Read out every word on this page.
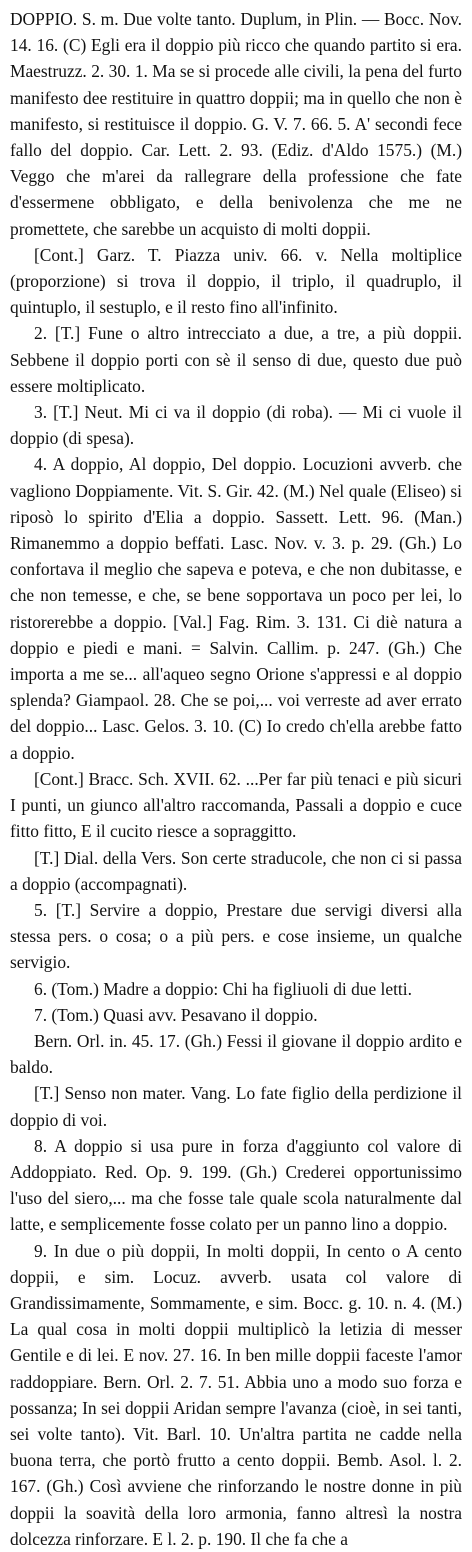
DOPPIO. S. m. Due volte tanto. Duplum, in Plin. — Bocc. Nov. 14. 16. (C) Egli era il doppio più ricco che quando partito si era. Maestruzz. 2. 30. 1. Ma se si procede alle civili, la pena del furto manifesto dee restituire in quattro doppii; ma in quello che non è manifesto, si restituisce il doppio. G. V. 7. 66. 5. A' secondi fece fallo del doppio. Car. Lett. 2. 93. (Ediz. d'Aldo 1575.) (M.) Veggo che m'arei da rallegrare della professione che fate d'essermene obbligato, e della benivolenza che me ne promettete, che sarebbe un acquisto di molti doppii.

[Cont.] Garz. T. Piazza univ. 66. v. Nella moltiplice (proporzione) si trova il doppio, il triplo, il quadruplo, il quintuplo, il sestuplo, e il resto fino all'infinito.

2. [T.] Fune o altro intrecciato a due, a tre, a più doppii. Sebbene il doppio porti con sè il senso di due, questo due può essere moltiplicato.

3. [T.] Neut. Mi ci va il doppio (di roba). — Mi ci vuole il doppio (di spesa).

4. A doppio, Al doppio, Del doppio. Locuzioni avverb. che vagliono Doppiamente. Vit. S. Gir. 42. (M.) Nel quale (Eliseo) si riposò lo spirito d'Elia a doppio. Sassett. Lett. 96. (Man.) Rimanemmo a doppio beffati. Lasc. Nov. v. 3. p. 29. (Gh.) Lo confortava il meglio che sapeva e poteva, e che non dubitasse, e che non temesse, e che, se bene sopportava un poco per lei, lo ristorerebbe a doppio. [Val.] Fag. Rim. 3. 131. Ci diè natura a doppio e piedi e mani. = Salvin. Callim. p. 247. (Gh.) Che importa a me se... all'aqueo segno Orione s'appressi e al doppio splenda? Giampaol. 28. Che se poi,... voi verreste ad aver errato del doppio... Lasc. Gelos. 3. 10. (C) Io credo ch'ella arebbe fatto a doppio.

[Cont.] Bracc. Sch. XVII. 62. ...Per far più tenaci e più sicuri I punti, un giunco all'altro raccomanda, Passali a doppio e cuce fitto fitto, E il cucito riesce a sopraggitto.

[T.] Dial. della Vers. Son certe straducole, che non ci si passa a doppio (accompagnati).

5. [T.] Servire a doppio, Prestare due servigi diversi alla stessa pers. o cosa; o a più pers. e cose insieme, un qualche servigio.

6. (Tom.) Madre a doppio: Chi ha figliuoli di due letti.

7. (Tom.) Quasi avv. Pesavano il doppio.

Bern. Orl. in. 45. 17. (Gh.) Fessi il giovane il doppio ardito e baldo.

[T.] Senso non mater. Vang. Lo fate figlio della perdizione il doppio di voi.

8. A doppio si usa pure in forza d'aggiunto col valore di Addoppiato. Red. Op. 9. 199. (Gh.) Crederei opportunissimo l'uso del siero,... ma che fosse tale quale scola naturalmente dal latte, e semplicemente fosse colato per un panno lino a doppio.

9. In due o più doppii, In molti doppii, In cento o A cento doppii, e sim. Locuz. avverb. usata col valore di Grandissimamente, Sommamente, e sim. Bocc. g. 10. n. 4. (M.) La qual cosa in molti doppii multiplicò la letizia di messer Gentile e di lei. E nov. 27. 16. In ben mille doppii faceste l'amor raddoppiare. Bern. Orl. 2. 7. 51. Abbia uno a modo suo forza e possanza; In sei doppii Aridan sempre l'avanza (cioè, in sei tanti, sei volte tanto). Vit. Barl. 10. Un'altra partita ne cadde nella buona terra, che portò frutto a cento doppii. Bemb. Asol. l. 2. 167. (Gh.) Così avviene che rinforzando le nostre donne in più doppii la soavità della loro armonia, fanno altresì la nostra dolcezza rinforzare. E l. 2. p. 190. Il che fa che a
